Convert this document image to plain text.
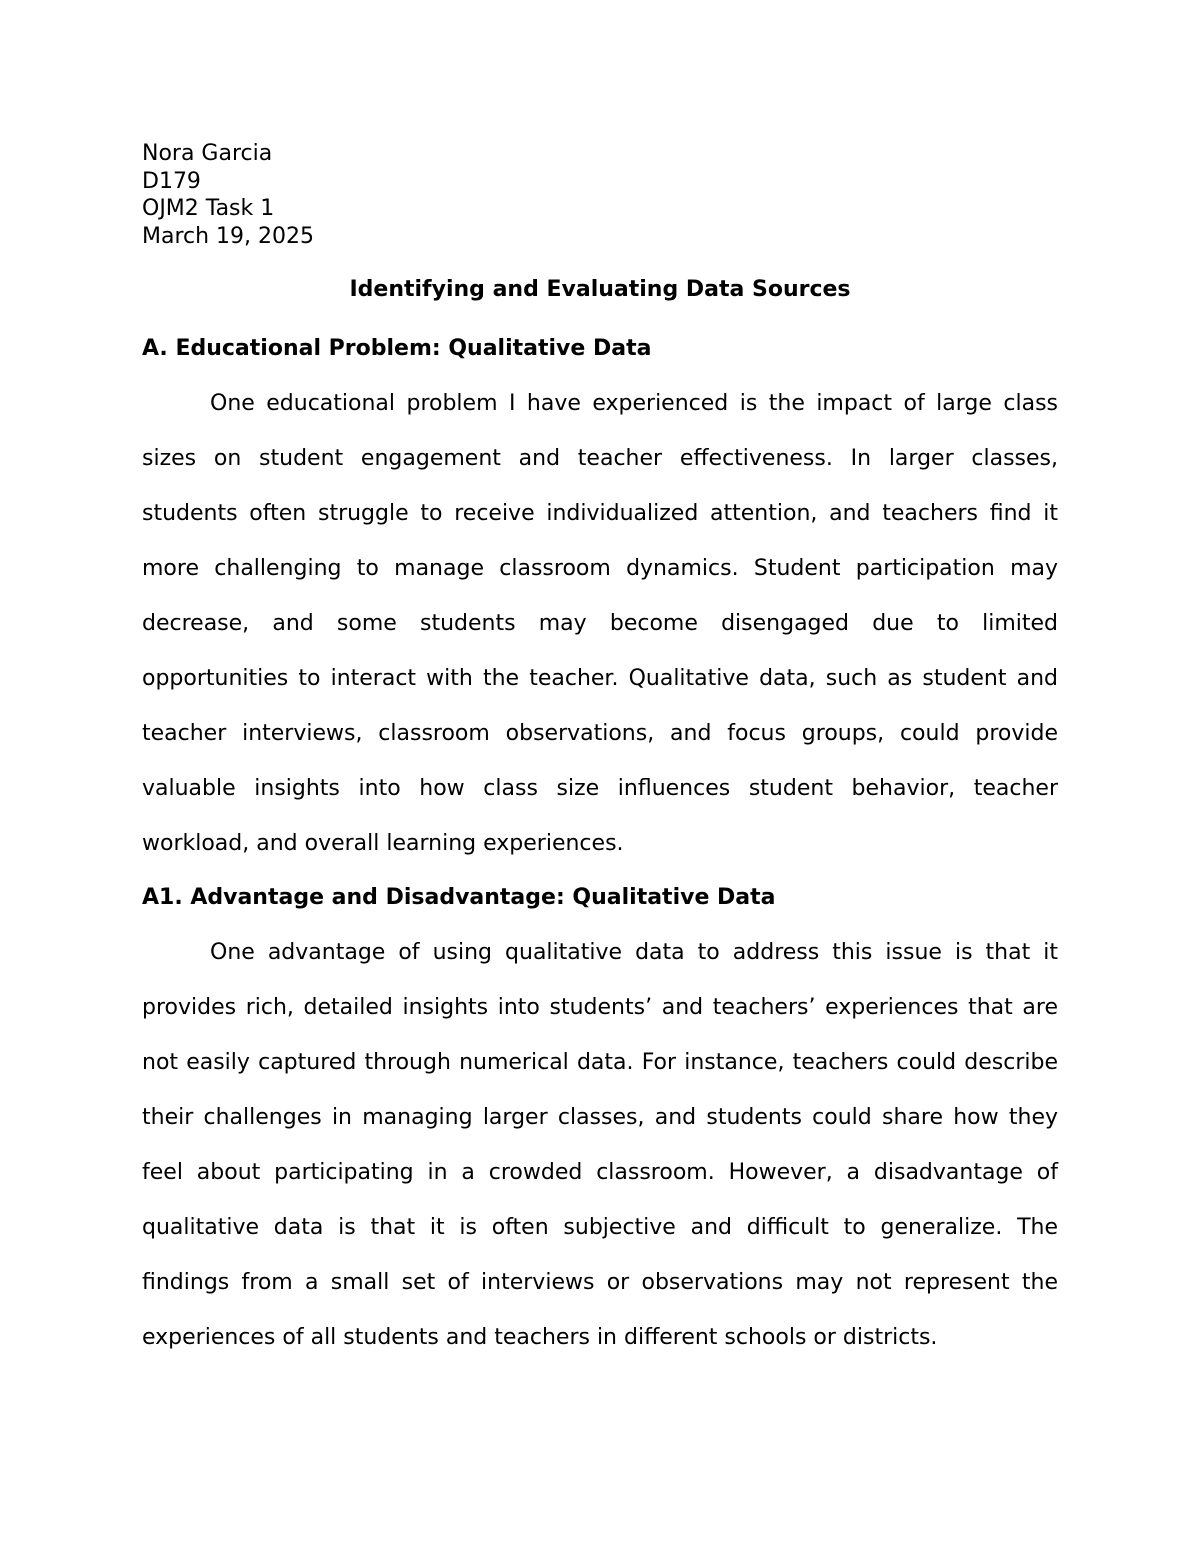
Nora Garcia

D179

OJM2 Task 1

March 19, 2025

Identifying and Evaluating Data Sources
A. Educational Problem: Qualitative Data

One educational problem I have experienced is the impact of large class sizes on student engagement and teacher effectiveness. In larger classes, students often struggle to receive individualized attention, and teachers find it more challenging to manage classroom dynamics. Student participation may decrease, and some students may become disengaged due to limited opportunities to interact with the teacher. Qualitative data, such as student and teacher interviews, classroom observations, and focus groups, could provide valuable insights into how class size influences student behavior, teacher workload, and overall learning experiences.

A1. Advantage and Disadvantage: Qualitative Data

One advantage of using qualitative data to address this issue is that it provides rich, detailed insights into students’ and teachers’ experiences that are not easily captured through numerical data. For instance, teachers could describe their challenges in managing larger classes, and students could share how they feel about participating in a crowded classroom. However, a disadvantage of qualitative data is that it is often subjective and difficult to generalize. The findings from a small set of interviews or observations may not represent the experiences of all students and teachers in different schools or districts.
